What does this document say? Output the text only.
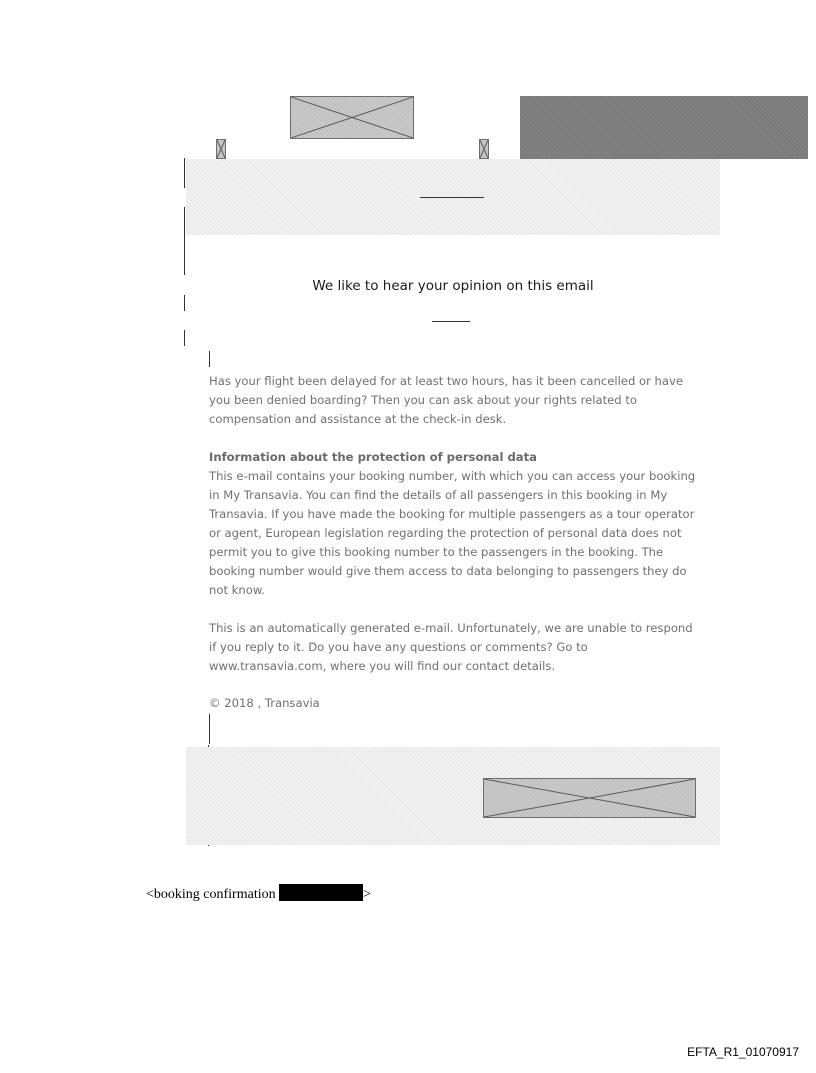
We like to hear your opinion on this email

Has your flight been delayed for at least two hours, has it been cancelled or have you been denied boarding? Then you can ask about your rights related to compensation and assistance at the check-in desk.

Information about the protection of personal data

This e-mail contains your booking number, with which you can access your booking in My Transavia. You can find the details of all passengers in this booking in My Transavia. If you have made the booking for multiple passengers as a tour operator or agent, European legislation regarding the protection of personal data does not permit you to give this booking number to the passengers in the booking. The booking number would give them access to data belonging to passengers they do not know.

This is an automatically generated e-mail. Unfortunately, we are unable to respond if you reply to it. Do you have any questions or comments? Go to www.transavia.com, where you will find our contact details.

© 2018 , Transavia

<booking confirmation	>
EFTA_R1_01070917
